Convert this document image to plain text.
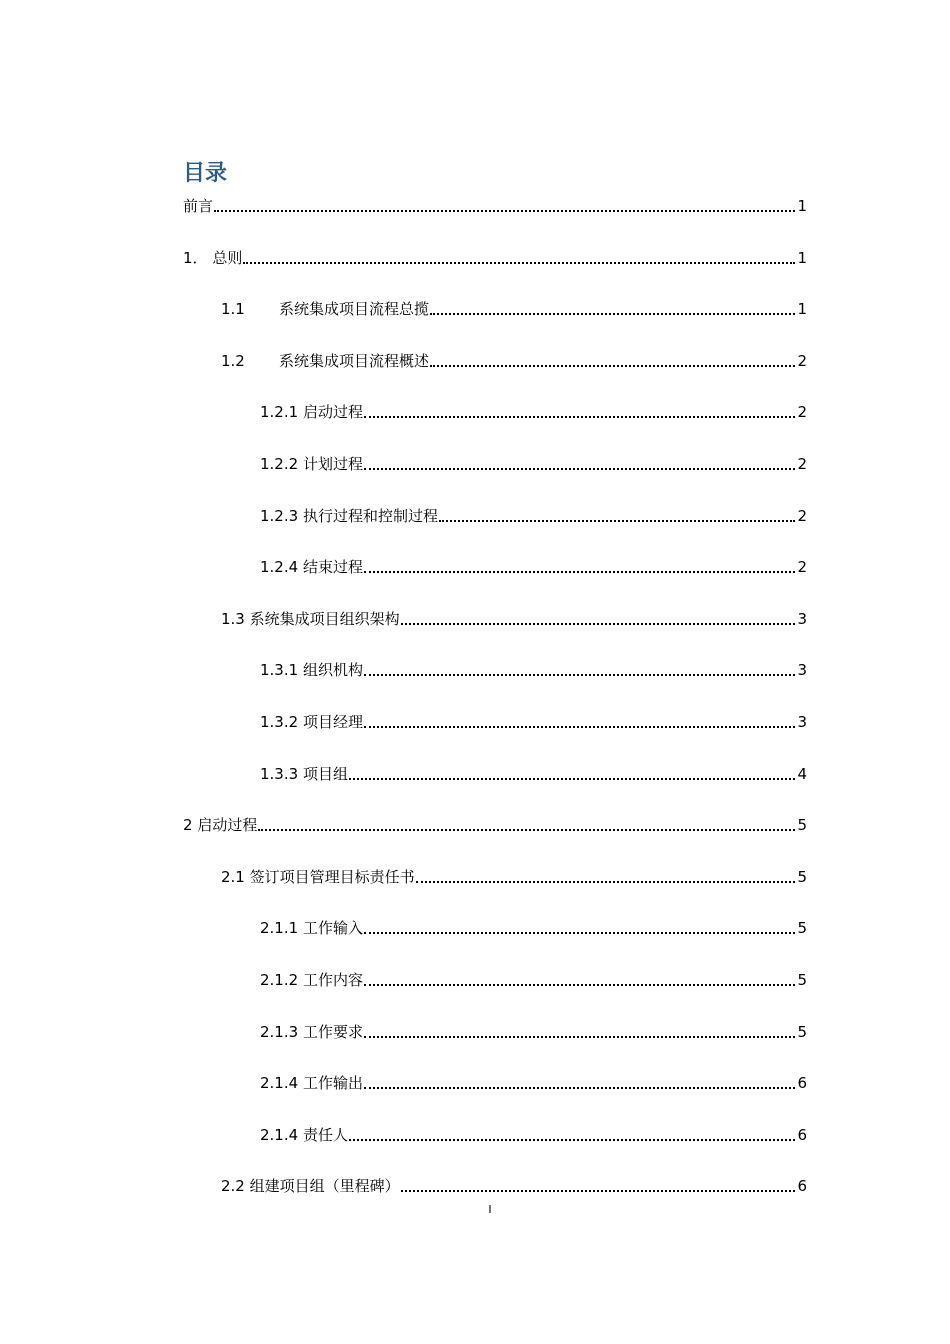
目录
前言	1
1． 总则	1
1.1 系统集成项目流程总揽	1
1.2 系统集成项目流程概述	2
1.2.1 启动过程	2
1.2.2 计划过程	2
1.2.3 执行过程和控制过程	2
1.2.4 结束过程	2
1.3 系统集成项目组织架构	3
1.3.1 组织机构	3
1.3.2 项目经理	3
1.3.3 项目组	4
2 启动过程	5
2.1 签订项目管理目标责任书	5
2.1.1 工作输入	5
2.1.2 工作内容	5
2.1.3 工作要求	5
2.1.4 工作输出	6
2.1.4 责任人	6
2.2 组建项目组（里程碑）	6
I
